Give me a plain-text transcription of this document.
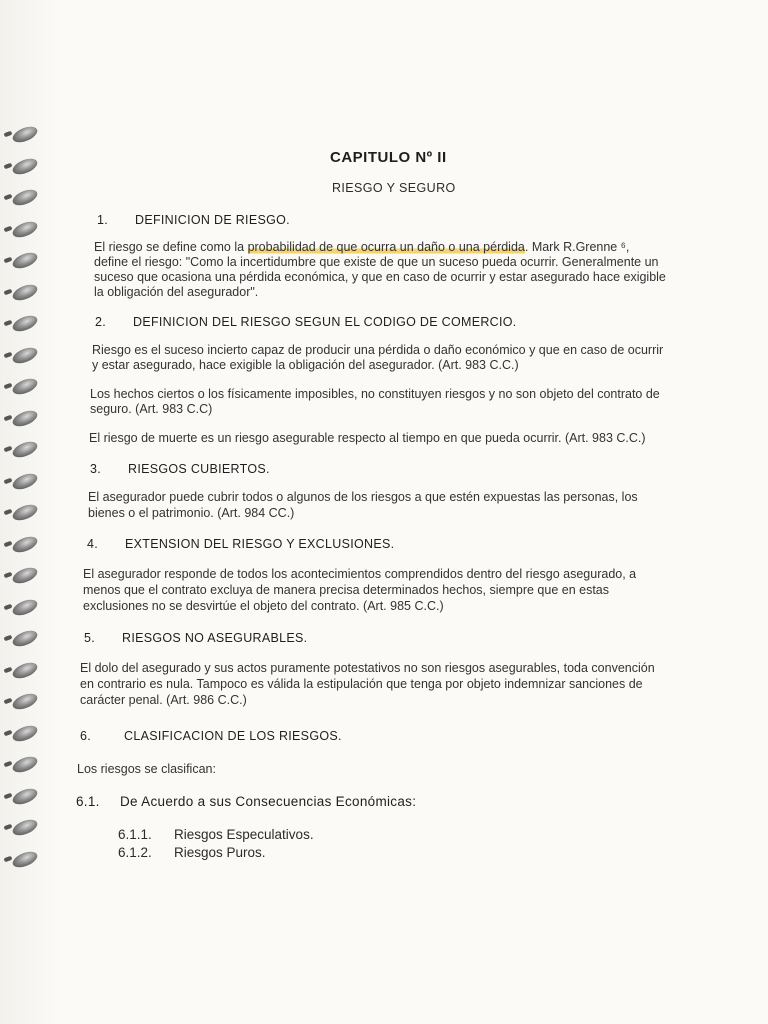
CAPITULO Nº II
RIESGO Y SEGURO
1. DEFINICION DE RIESGO.
El riesgo se define como la probabilidad de que ocurra un daño o una pérdida. Mark R.Grenne ⁶,
define el riesgo: "Como la incertidumbre que existe de que un suceso pueda ocurrir. Generalmente un
suceso que ocasiona una pérdida económica, y que en caso de ocurrir y estar asegurado hace exigible
la obligación del asegurador".
2. DEFINICION DEL RIESGO SEGUN EL CODIGO DE COMERCIO.
Riesgo es el suceso incierto capaz de producir una pérdida o daño económico y que en caso de ocurrir
y estar asegurado, hace exigible la obligación del asegurador. (Art. 983 C.C.)
Los hechos ciertos o los físicamente imposibles, no constituyen riesgos y no son objeto del contrato de
seguro. (Art. 983 C.C)
El riesgo de muerte es un riesgo asegurable respecto al tiempo en que pueda ocurrir. (Art. 983 C.C.)
3. RIESGOS CUBIERTOS.
El asegurador puede cubrir todos o algunos de los riesgos a que estén expuestas las personas, los
bienes o el patrimonio. (Art. 984 CC.)
4. EXTENSION DEL RIESGO Y EXCLUSIONES.
El asegurador responde de todos los acontecimientos comprendidos dentro del riesgo asegurado, a
menos que el contrato excluya de manera precisa determinados hechos, siempre que en estas
exclusiones no se desvirtúe el objeto del contrato. (Art. 985 C.C.)
5. RIESGOS NO ASEGURABLES.
El dolo del asegurado y sus actos puramente potestativos no son riesgos asegurables, toda convención
en contrario es nula. Tampoco es válida la estipulación que tenga por objeto indemnizar sanciones de
carácter penal. (Art. 986 C.C.)
6.	CLASIFICACION DE LOS RIESGOS.
Los riesgos se clasifican:
6.1. De Acuerdo a sus Consecuencias Económicas:
6.1.1. Riesgos Especulativos.
6.1.2. Riesgos Puros.
